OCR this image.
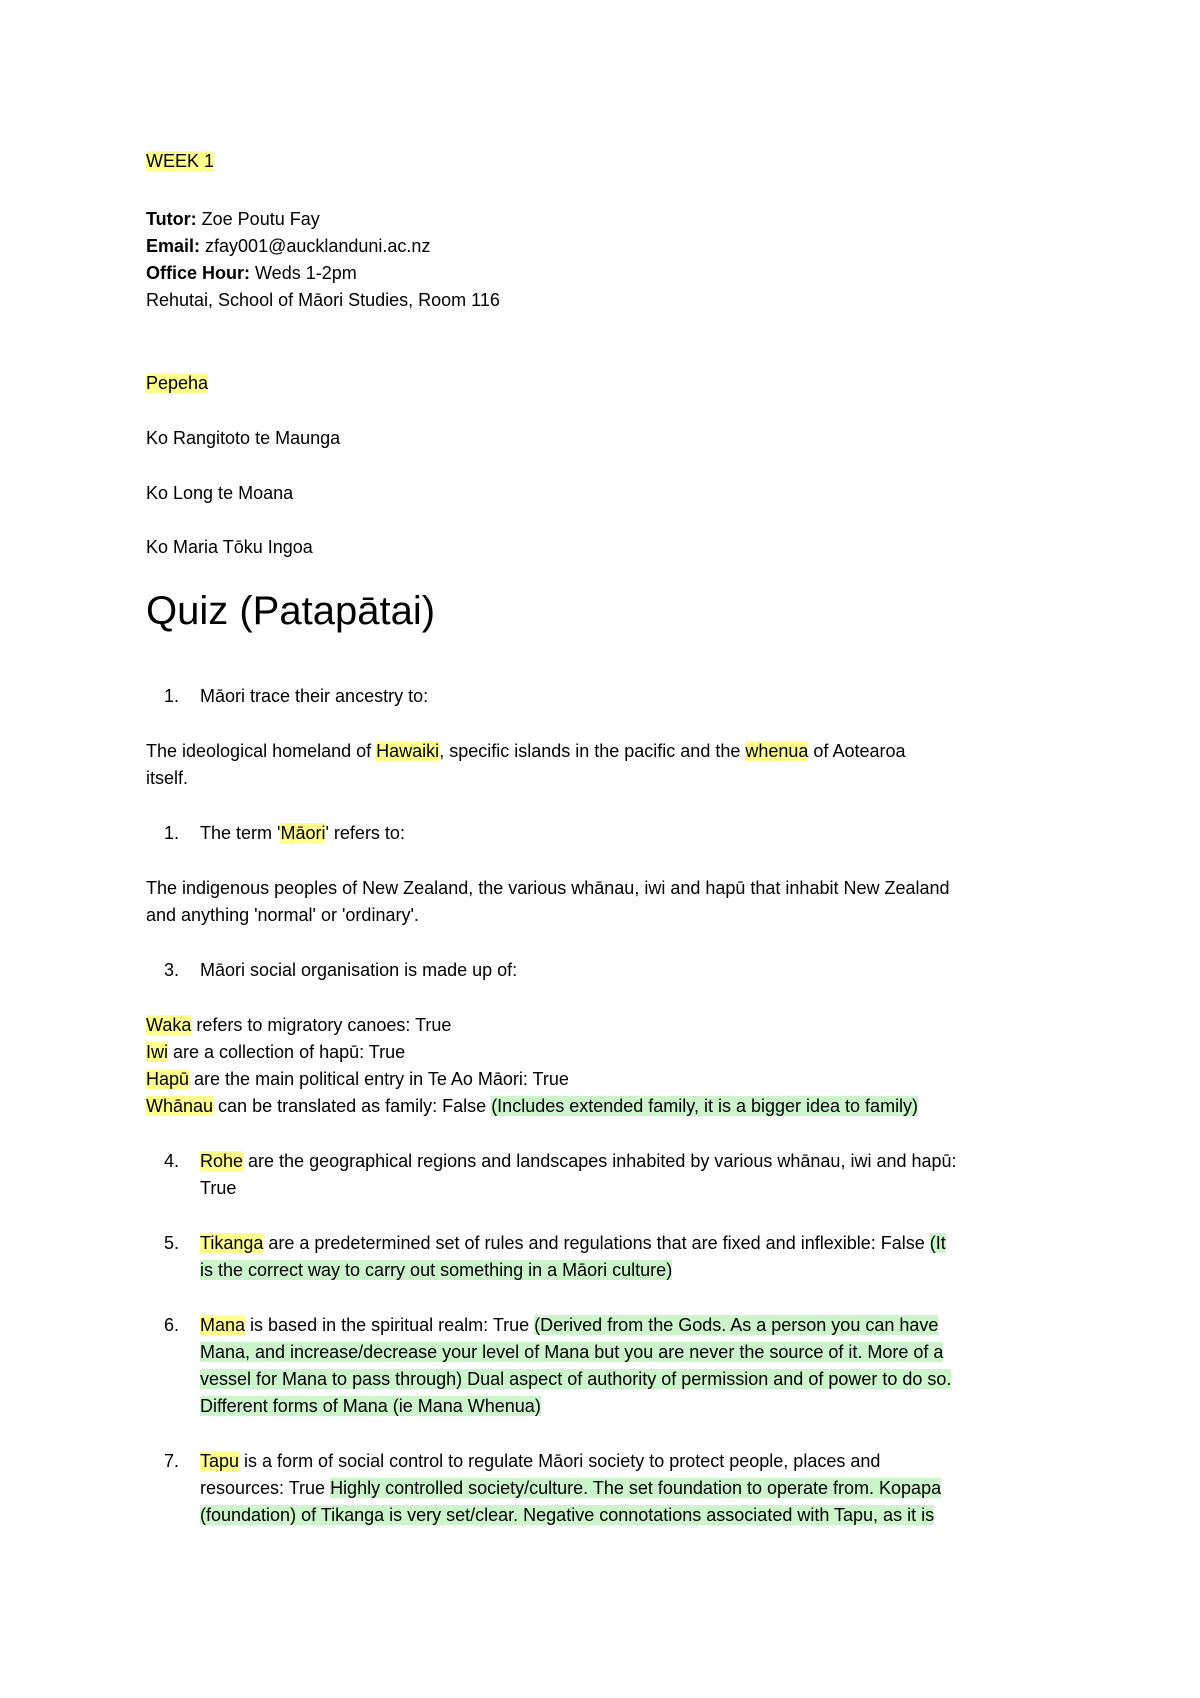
WEEK 1
Tutor: Zoe Poutu Fay
Email: zfay001@aucklanduni.ac.nz
Office Hour: Weds 1-2pm
Rehutai, School of Māori Studies, Room 116
Pepeha
Ko Rangitoto te Maunga
Ko Long te Moana
Ko Maria Tōku Ingoa
Quiz (Patapātai)
1. Māori trace their ancestry to:
The ideological homeland of Hawaiki, specific islands in the pacific and the whenua of Aotearoa
itself.
1. The term 'Māori' refers to:
The indigenous peoples of New Zealand, the various whānau, iwi and hapū that inhabit New Zealand
and anything 'normal' or 'ordinary'.
3. Māori social organisation is made up of:
Waka refers to migratory canoes: True
Iwi are a collection of hapū: True
Hapū are the main political entry in Te Ao Māori: True
Whānau can be translated as family: False (Includes extended family, it is a bigger idea to family)
4. Rohe are the geographical regions and landscapes inhabited by various whānau, iwi and hapū:
True
5. Tikanga are a predetermined set of rules and regulations that are fixed and inflexible: False (It
is the correct way to carry out something in a Māori culture)
6. Mana is based in the spiritual realm: True (Derived from the Gods. As a person you can have
Mana, and increase/decrease your level of Mana but you are never the source of it. More of a
vessel for Mana to pass through) Dual aspect of authority of permission and of power to do so.
Different forms of Mana (ie Mana Whenua)
7. Tapu is a form of social control to regulate Māori society to protect people, places and
resources: True Highly controlled society/culture. The set foundation to operate from. Kopapa
(foundation) of Tikanga is very set/clear. Negative connotations associated with Tapu, as it is
